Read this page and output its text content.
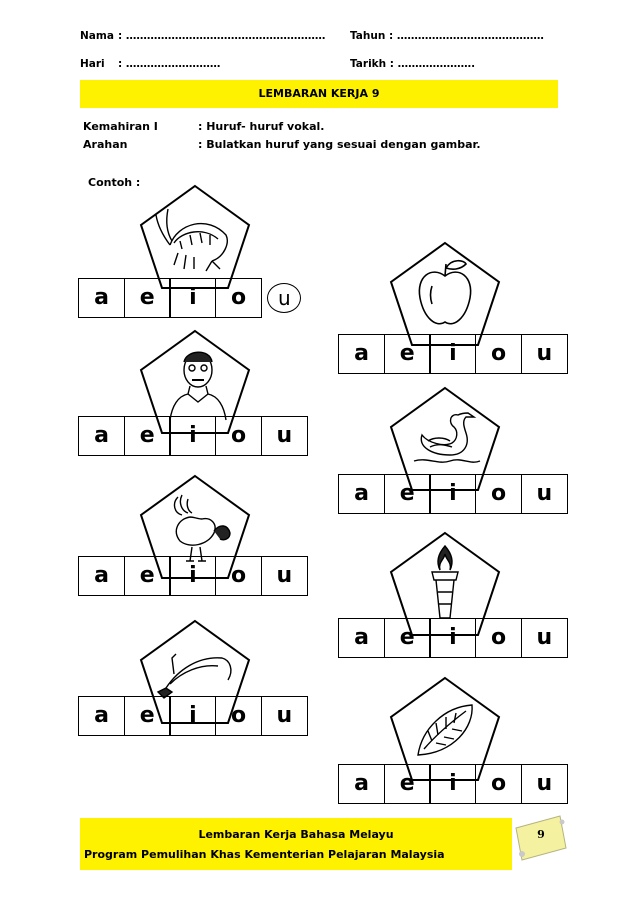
Nama : ………………………………………………… Tahun : ……………………………………
Hari : ………………………	Tarikh : ………………….
LEMBARAN KERJA 9
Kemahiran I	: Huruf- huruf vokal.
Arahan	: Bulatkan huruf yang sesuai dengan gambar.
Contoh :
a	e	i	o	u
a	e	i	o	u
a	e	i	o	u
a	e	i	o	u
a	e	i	o	u
a	e	i	o	u
a	e	i	o	u
a	e	i	o	u
Lembaran Kerja Bahasa Melayu
Program Pemulihan Khas Kementerian Pelajaran Malaysia
9
